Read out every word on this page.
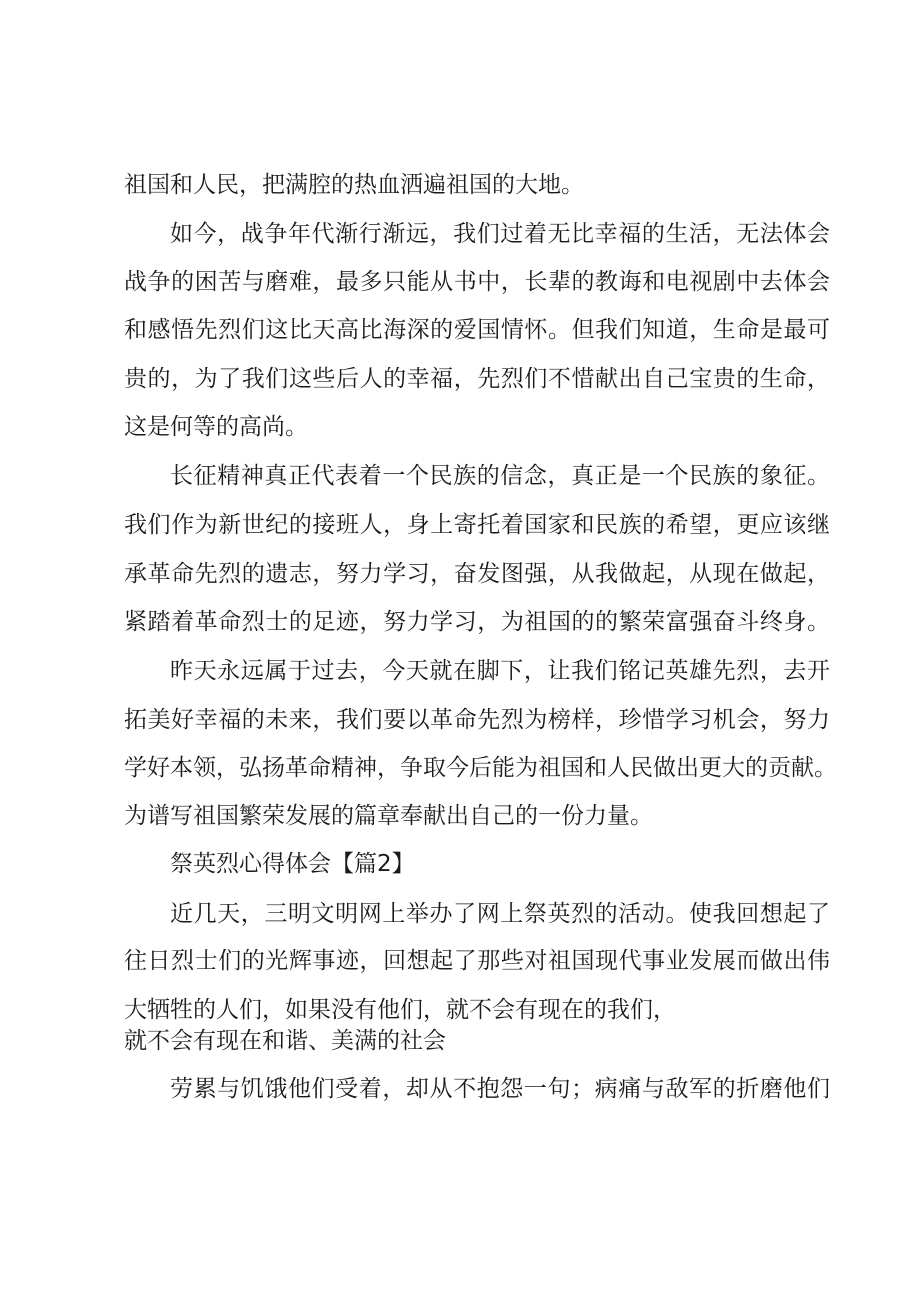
祖国和人民，把满腔的热血洒遍祖国的大地。
如今，战争年代渐行渐远，我们过着无比幸福的生活，无法体会
战争的困苦与磨难，最多只能从书中，长辈的教诲和电视剧中去体会
和感悟先烈们这比天高比海深的爱国情怀。但我们知道，生命是最可
贵的，为了我们这些后人的幸福，先烈们不惜献出自己宝贵的生命，
这是何等的高尚。
长征精神真正代表着一个民族的信念，真正是一个民族的象征。
我们作为新世纪的接班人，身上寄托着国家和民族的希望，更应该继
承革命先烈的遗志，努力学习，奋发图强，从我做起，从现在做起，
紧踏着革命烈士的足迹，努力学习，为祖国的的繁荣富强奋斗终身。
昨天永远属于过去，今天就在脚下，让我们铭记英雄先烈，去开
拓美好幸福的未来，我们要以革命先烈为榜样，珍惜学习机会，努力
学好本领，弘扬革命精神，争取今后能为祖国和人民做出更大的贡献。
为谱写祖国繁荣发展的篇章奉献出自己的一份力量。
祭英烈心得体会【篇2】
近几天，三明文明网上举办了网上祭英烈的活动。使我回想起了
往日烈士们的光辉事迹，回想起了那些对祖国现代事业发展而做出伟
大牺牲的人们，如果没有他们，就不会有现在的我们，
就不会有现在和谐、美满的社会
劳累与饥饿他们受着，却从不抱怨一句；病痛与敌军的折磨他们
